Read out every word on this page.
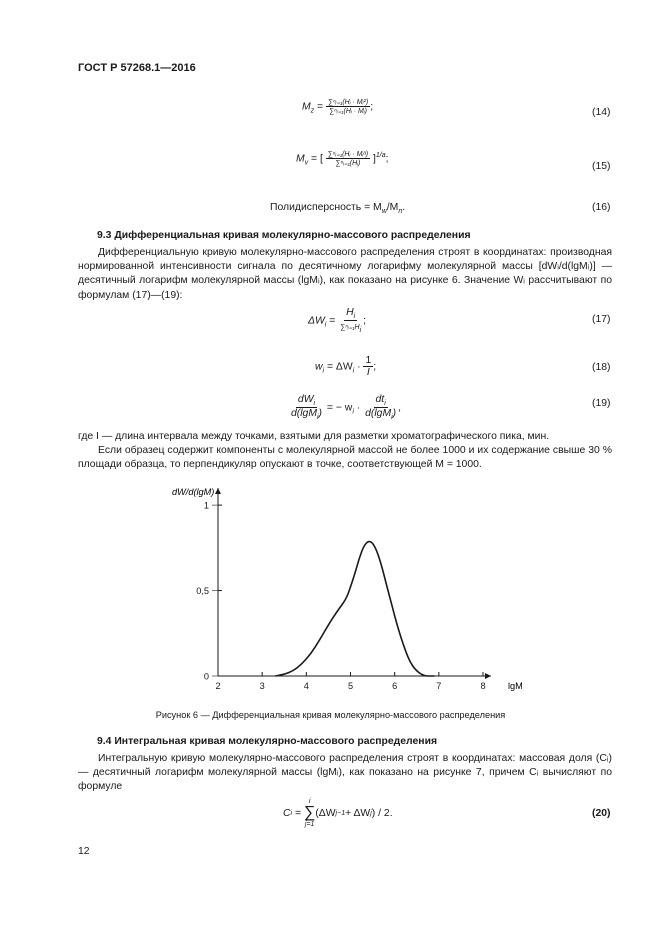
ГОСТ Р 57268.1—2016
$M_z = \frac{\text{∑ⁿᵢ₌₁(Hᵢ · Mᵢ²)}}{\text{∑ⁿᵢ₌₁(Hᵢ · Mᵢ)}}$ ;
(14)
$M_v$ = [ $\frac{\text{∑ⁿᵢ₌₁(Hᵢ · Mᵢᵃ)}}{\text{∑ⁿᵢ₌₁(Hᵢ)}} ]^{1/a}$;
(15)
Полидисперсность = $M_w/M_n$.	(16)
9.3 Дифференциальная кривая молекулярно-массового распределения
Дифференциальную кривую молекулярно-массового распределения строят в координатах: производная нормированной интенсивности сигнала по десятичному логарифму молекулярной массы [dWᵢ/d(lgMᵢ)] — десятичный логарифм молекулярной массы (lgMᵢ), как показано на рисунке 6. Значение Wᵢ рассчитывают по формулам (17)—(19):
$\Delta W_i = \frac{H_i}{\sum^nᵢ_{=1}H_i}$ ;	(17)
$w_i = \Delta W_i \cdot \frac{1}{I}$ ;	(18)
$\frac{dW_i}{d(\lg M_i)}$ = − $w_i \cdot \frac{dt_i}{d(\lg M_i)}$ ,	(19)
где I — длина интервала между точками, взятыми для разметки хроматографического пика, мин.
Если образец содержит компоненты с молекулярной массой не более 1000 и их содержание свыше 30 % площади образца, то перпендикуляр опускают в точке, соответствующей M = 1000.
2	3	4	5	6	7	8
0
0,5
1
dW/d(lgM)
lgM
Рисунок 6 — Дифференциальная кривая молекулярно-массового распределения
9.4 Интегральная кривая молекулярно-массового распределения
Интегральную кривую молекулярно-массового распределения строят в координатах: массовая доля (Cᵢ) — десятичный логарифм молекулярной массы (lgMᵢ), как показано на рисунке 7, причем Cᵢ вычисляют по формуле
C i =
i
∑
j=1
(ΔW j−1 + ΔW j ) / 2.	(20)
12
